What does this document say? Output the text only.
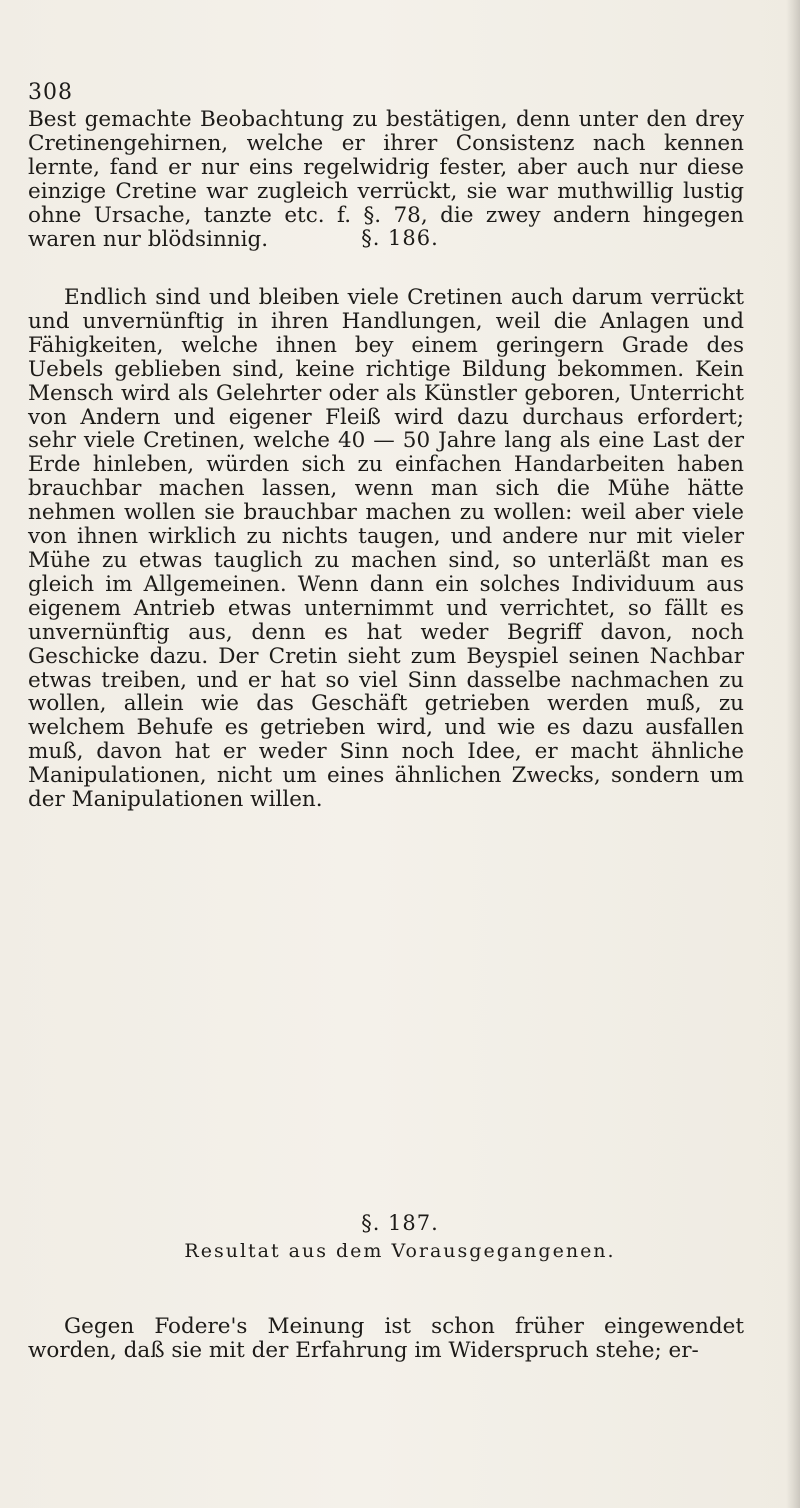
308

Best gemachte Beobachtung zu bestätigen, denn unter den drey Cretinengehirnen, welche er ihrer Consistenz nach kennen lernte, fand er nur eins regelwidrig fester, aber auch nur diese einzige Cretine war zugleich verrückt, sie war muthwillig lustig ohne Ursache, tanzte etc. f. §. 78, die zwey andern hingegen waren nur blödsinnig.	§. 186.

Endlich sind und bleiben viele Cretinen auch darum verrückt und unvernünftig in ihren Handlungen, weil die Anlagen und Fähigkeiten, welche ihnen bey einem geringern Grade des Uebels geblieben sind, keine richtige Bildung bekommen. Kein Mensch wird als Gelehrter oder als Künstler geboren, Unterricht von Andern und eigener Fleiß wird dazu durchaus erfordert; sehr viele Cretinen, welche 40 — 50 Jahre lang als eine Last der Erde hinleben, würden sich zu einfachen Handarbeiten haben brauchbar machen lassen, wenn man sich die Mühe hätte nehmen wollen sie brauchbar machen zu wollen: weil aber viele von ihnen wirklich zu nichts taugen, und andere nur mit vieler Mühe zu etwas tauglich zu machen sind, so unterläßt man es gleich im Allgemeinen. Wenn dann ein solches Individuum aus eigenem Antrieb etwas unternimmt und verrichtet, so fällt es unvernünftig aus, denn es hat weder Begriff davon, noch Geschicke dazu. Der Cretin sieht zum Beyspiel seinen Nachbar etwas treiben, und er hat so viel Sinn dasselbe nachmachen zu wollen, allein wie das Geschäft getrieben werden muß, zu welchem Behufe es getrieben wird, und wie es dazu ausfallen muß, davon hat er weder Sinn noch Idee, er macht ähnliche Manipulationen, nicht um eines ähnlichen Zwecks, sondern um der Manipulationen willen.

§. 187.
Resultat aus dem Vorausgegangenen.

Gegen Fodere's Meinung ist schon früher eingewendet worden, daß sie mit der Erfahrung im Widerspruch stehe; er-
